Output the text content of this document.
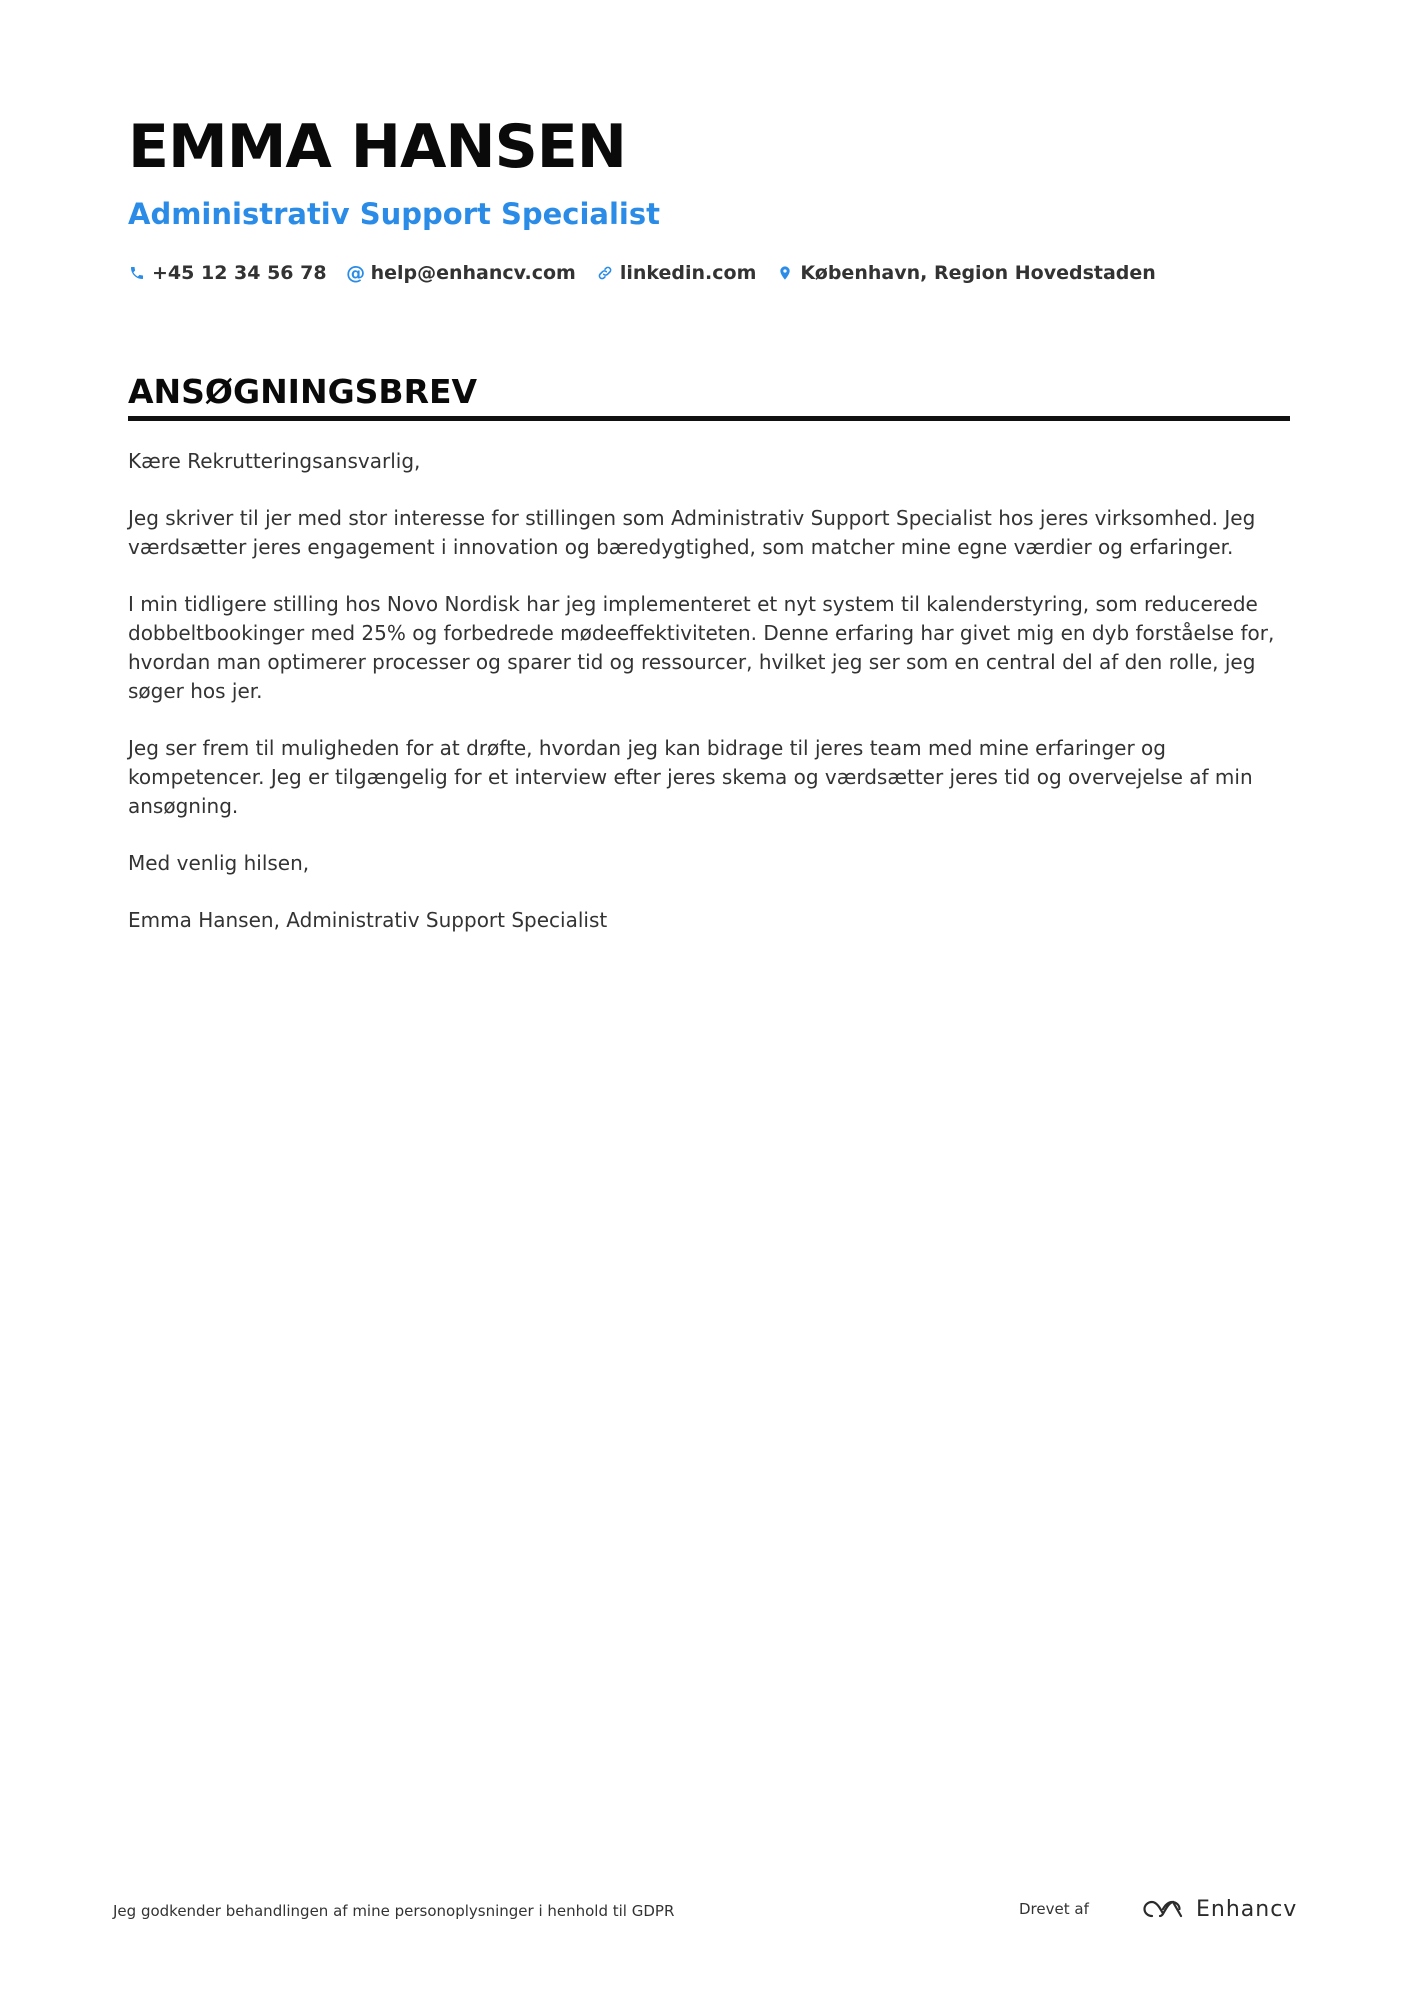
EMMA HANSEN
Administrativ Support Specialist
+45 12 34 56 78 @ help@enhancv.com linkedin.com København, Region Hovedstaden
ANSØGNINGSBREV

Kære Rekrutteringsansvarlig,

Jeg skriver til jer med stor interesse for stillingen som Administrativ Support Specialist hos jeres virksomhed. Jeg værdsætter jeres engagement i innovation og bæredygtighed, som matcher mine egne værdier og erfaringer.

I min tidligere stilling hos Novo Nordisk har jeg implementeret et nyt system til kalenderstyring, som reducerede dobbeltbookinger med 25% og forbedrede mødeeffektiviteten. Denne erfaring har givet mig en dyb forståelse for, hvordan man optimerer processer og sparer tid og ressourcer, hvilket jeg ser som en central del af den rolle, jeg søger hos jer.

Jeg ser frem til muligheden for at drøfte, hvordan jeg kan bidrage til jeres team med mine erfaringer og kompetencer. Jeg er tilgængelig for et interview efter jeres skema og værdsætter jeres tid og overvejelse af min ansøgning.

Med venlig hilsen,

Emma Hansen, Administrativ Support Specialist

Jeg godkender behandlingen af mine personoplysninger i henhold til GDPR	Drevet af	Enhancv
